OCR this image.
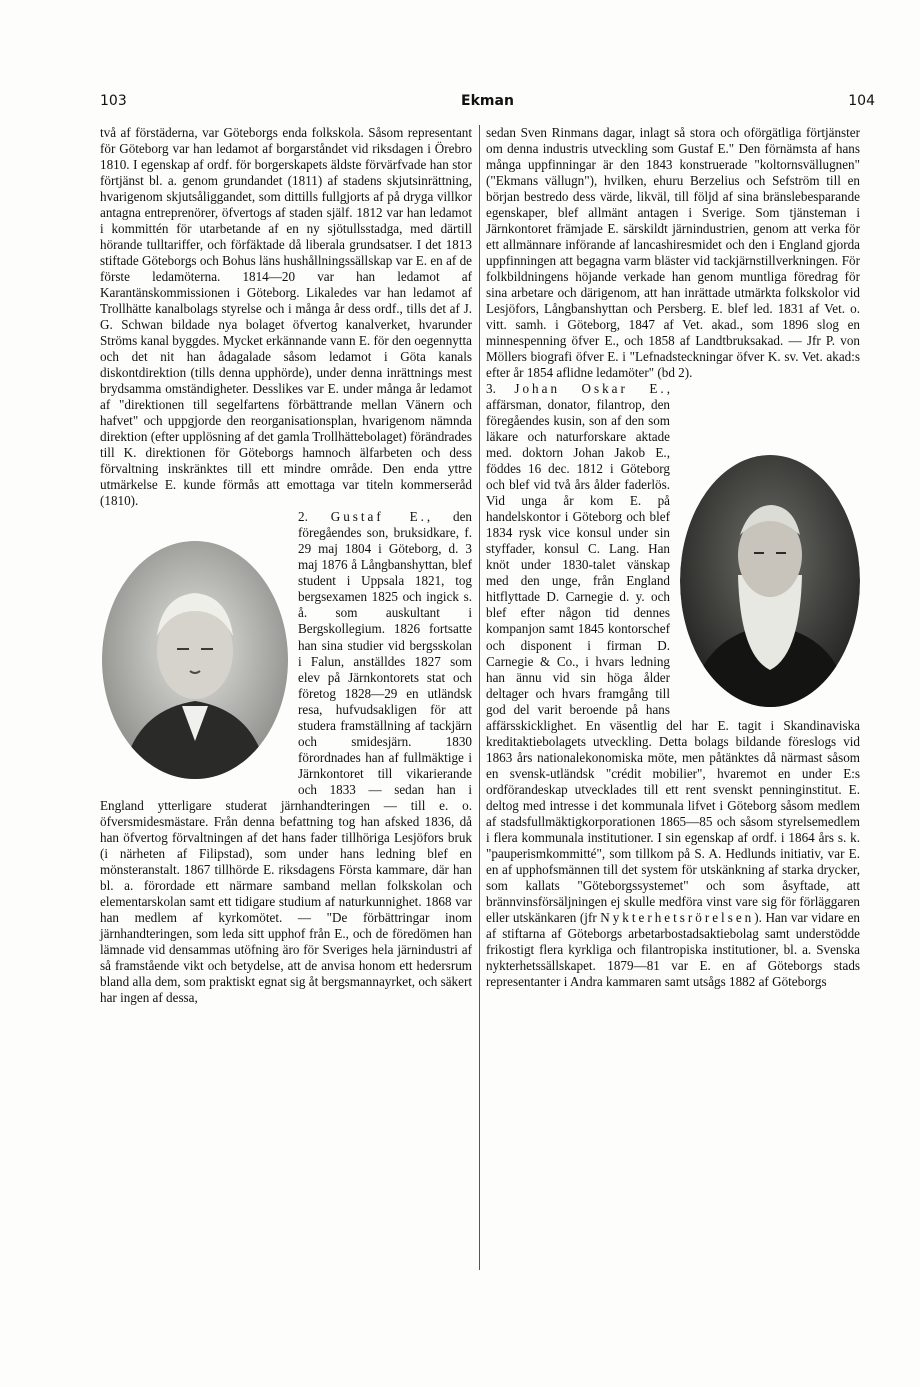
103	Ekman	104

två af förstäderna, var Göteborgs enda folkskola. Såsom representant för Göteborg var han ledamot af borgarståndet vid riksdagen i Örebro 1810. I egenskap af ordf. för borgerskapets äldste förvärfvade han stor förtjänst bl. a. genom grundandet (1811) af stadens skjutsinrättning, hvarigenom skjutsåliggandet, som dittills fullgjorts af på dryga villkor antagna entreprenörer, öfvertogs af staden själf. 1812 var han ledamot i kommittén för utarbetande af en ny sjötullsstadga, med därtill hörande tulltariffer, och förfäktade då liberala grundsatser. I det 1813 stiftade Göteborgs och Bohus läns hushållningssällskap var E. en af de förste ledamöterna. 1814—20 var han ledamot af Karantänskommissionen i Göteborg. Likaledes var han ledamot af Trollhätte kanalbolags styrelse och i många år dess ordf., tills det af J. G. Schwan bildade nya bolaget öfvertog kanalverket, hvarunder Ströms kanal byggdes. Mycket erkännande vann E. för den oegennytta och det nit han ådagalade såsom ledamot i Göta kanals diskontdirektion (tills denna upphörde), under denna inrättnings mest brydsamma omständigheter. Desslikes var E. under många år ledamot af "direktionen till segelfartens förbättrande mellan Vänern och hafvet" och uppgjorde den reorganisationsplan, hvarigenom nämnda direktion (efter upplösning af det gamla Trollhättebolaget) förändrades till K. direktionen för Göteborgs hamnoch älfarbeten och dess förvaltning inskränktes till ett mindre område. Den enda yttre utmärkelse E. kunde förmås att emottaga var titeln kommerseråd (1810).

2. Gustaf E., den föregåendes son, bruksidkare, f. 29 maj 1804 i Göteborg, d. 3 maj 1876 å Långbanshyttan, blef student i Uppsala 1821, tog bergsexamen 1825 och ingick s. å. som auskultant i Bergskollegium. 1826 fortsatte han sina studier vid bergsskolan i Falun, anställdes 1827 som elev på Järnkontorets stat och företog 1828—29 en utländsk resa, hufvudsakligen för att studera framställning af tackjärn och smidesjärn. 1830 förordnades han af fullmäktige i Järnkontoret till vikarierande och 1833 — sedan han i England ytterligare studerat järnhandteringen — till e. o. öfversmidesmästare. Från denna befattning tog han afsked 1836, då han öfvertog förvaltningen af det hans fader tillhöriga Lesjöfors bruk (i närheten af Filipstad), som under hans ledning blef en mönsteranstalt. 1867 tillhörde E. riksdagens Första kammare, där han bl. a. förordade ett närmare samband mellan folkskolan och elementarskolan samt ett tidigare studium af naturkunnighet. 1868 var han medlem af kyrkomötet. — "De förbättringar inom järnhandteringen, som leda sitt upphof från E., och de föredömen han lämnade vid densammas utöfning äro för Sveriges hela järnindustri af så framstående vikt och betydelse, att de anvisa honom ett hedersrum bland alla dem, som praktiskt egnat sig åt bergsmannayrket, och säkert har ingen af dessa,

sedan Sven Rinmans dagar, inlagt så stora och oförgätliga förtjänster om denna industris utveckling som Gustaf E." Den förnämsta af hans många uppfinningar är den 1843 konstruerade "koltornsvällugnen" ("Ekmans vällugn"), hvilken, ehuru Berzelius och Sefström till en början bestredo dess värde, likväl, till följd af sina bränslebesparande egenskaper, blef allmänt antagen i Sverige. Som tjänsteman i Järnkontoret främjade E. särskildt järnindustrien, genom att verka för ett allmännare införande af lancashiresmidet och den i England gjorda uppfinningen att begagna varm bläster vid tackjärnstillverkningen. För folkbildningens höjande verkade han genom muntliga föredrag för sina arbetare och därigenom, att han inrättade utmärkta folkskolor vid Lesjöfors, Långbanshyttan och Persberg. E. blef led. 1831 af Vet. o. vitt. samh. i Göteborg, 1847 af Vet. akad., som 1896 slog en minnespenning öfver E., och 1858 af Landtbruksakad. — Jfr P. von Möllers biografi öfver E. i "Lefnadsteckningar öfver K. sv. Vet. akad:s efter år 1854 aflidne ledamöter" (bd 2).

3. Johan Oskar E., affärsman, donator, filantrop, den föregåendes kusin, son af den som läkare och naturforskare aktade med. doktorn Johan Jakob E., föddes 16 dec. 1812 i Göteborg och blef vid två års ålder faderlös. Vid unga år kom E. på handelskontor i Göteborg och blef 1834 rysk vice konsul under sin styffader, konsul C. Lang. Han knöt under 1830-talet vänskap med den unge, från England hitflyttade D. Carnegie d. y. och blef efter någon tid dennes kompanjon samt 1845 kontorschef och disponent i firman D. Carnegie & Co., i hvars ledning han ännu vid sin höga ålder deltager och hvars framgång till god del varit beroende på hans affärsskicklighet. En väsentlig del har E. tagit i Skandinaviska kreditaktiebolagets utveckling. Detta bolags bildande föreslogs vid 1863 års nationalekonomiska möte, men påtänktes då närmast såsom en svensk-utländsk "crédit mobilier", hvaremot en under E:s ordförandeskap utvecklades till ett rent svenskt penninginstitut. E. deltog med intresse i det kommunala lifvet i Göteborg såsom medlem af stadsfullmäktigkorporationen 1865—85 och såsom styrelsemedlem i flera kommunala institutioner. I sin egenskap af ordf. i 1864 års s. k. "pauperismkommitté", som tillkom på S. A. Hedlunds initiativ, var E. en af upphofsmännen till det system för utskänkning af starka drycker, som kallats "Göteborgssystemet" och som åsyftade, att brännvinsförsäljningen ej skulle medföra vinst vare sig för förläggaren eller utskänkaren (jfr Nykterhetsrörelsen). Han var vidare en af stiftarna af Göteborgs arbetarbostadsaktiebolag samt understödde frikostigt flera kyrkliga och filantropiska institutioner, bl. a. Svenska nykterhetssällskapet. 1879—81 var E. en af Göteborgs stads representanter i Andra kammaren samt utsågs 1882 af Göteborgs
